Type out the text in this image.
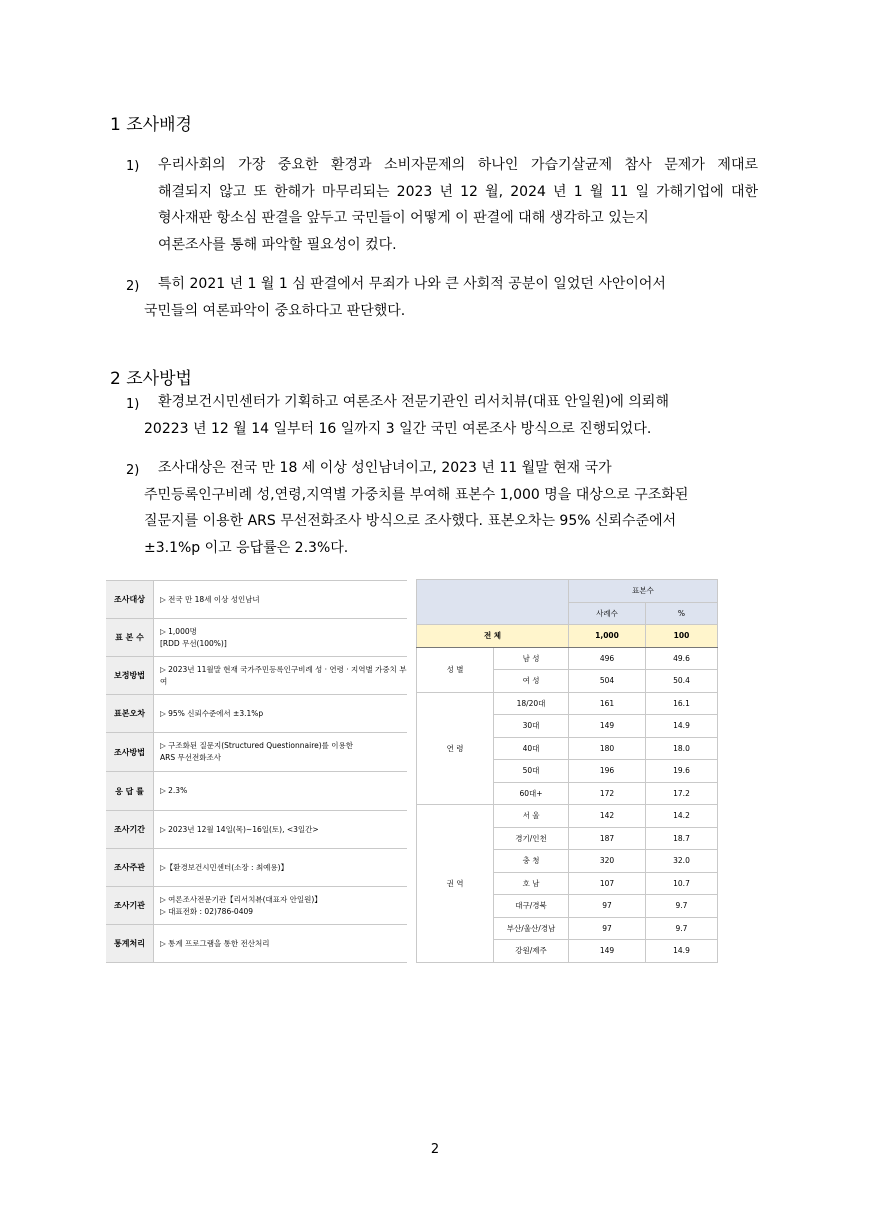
1 조사배경
1) 우리사회의 가장 중요한 환경과 소비자문제의 하나인 가습기살균제 참사 문제가 제대로
해결되지 않고 또 한해가 마무리되는 2023 년 12 월, 2024 년 1 월 11 일 가해기업에 대한
형사재판 항소심 판결을 앞두고 국민들이 어떻게 이 판결에 대해 생각하고 있는지
여론조사를 통해 파악할 필요성이 컸다.
2) 특히 2021 년 1 월 1 심 판결에서 무죄가 나와 큰 사회적 공분이 일었던 사안이어서
국민들의 여론파악이 중요하다고 판단했다.
2 조사방법
1) 환경보건시민센터가 기획하고 여론조사 전문기관인 리서치뷰(대표 안일원)에 의뢰해
20223 년 12 월 14 일부터 16 일까지 3 일간 국민 여론조사 방식으로 진행되었다.
2) 조사대상은 전국 만 18 세 이상 성인남녀이고, 2023 년 11 월말 현재 국가
주민등록인구비례 성,연령,지역별 가중치를 부여해 표본수 1,000 명을 대상으로 구조화된
질문지를 이용한 ARS 무선전화조사 방식으로 조사했다. 표본오차는 95% 신뢰수준에서
±3.1%p 이고 응답률은 2.3%다.
조사대상	▷ 전국 만 18세 이상 성인남녀

표 본 수	▷ 1,000명
[RDD 무선(100%)]

보정방법	▷ 2023년 11월말 현재 국가주민등록인구비례 성 · 연령 · 지역별 가중치 부여

표본오차	▷ 95% 신뢰수준에서 ±3.1%p

조사방법	▷ 구조화된 질문지(Structured Questionnaire)를 이용한
ARS 무선전화조사

응 답 률	▷ 2.3%

조사기간	▷ 2023년 12월 14일(목)~16일(토), <3일간>

조사주관	▷【환경보건시민센터(소장 : 최예용)】

조사기관	▷ 여론조사전문기관【리서치뷰(대표자 안일원)】
▷ 대표전화 : 02)786-0409

통계처리	▷ 통계 프로그램을 통한 전산처리
		표본수	
		사례수	%
전 체		1,000	100
성 별	남 성	496	49.6
	여 성	504	50.4
연 령	18/20대	161	16.1
	30대	149	14.9
	40대	180	18.0
	50대	196	19.6
	60대+	172	17.2
권 역	서 울	142	14.2
	경기/인천	187	18.7
	충 청	320	32.0
	호 남	107	10.7
	대구/경북	97	9.7
	부산/울산/경남	97	9.7
	강원/제주	149	14.9
2
